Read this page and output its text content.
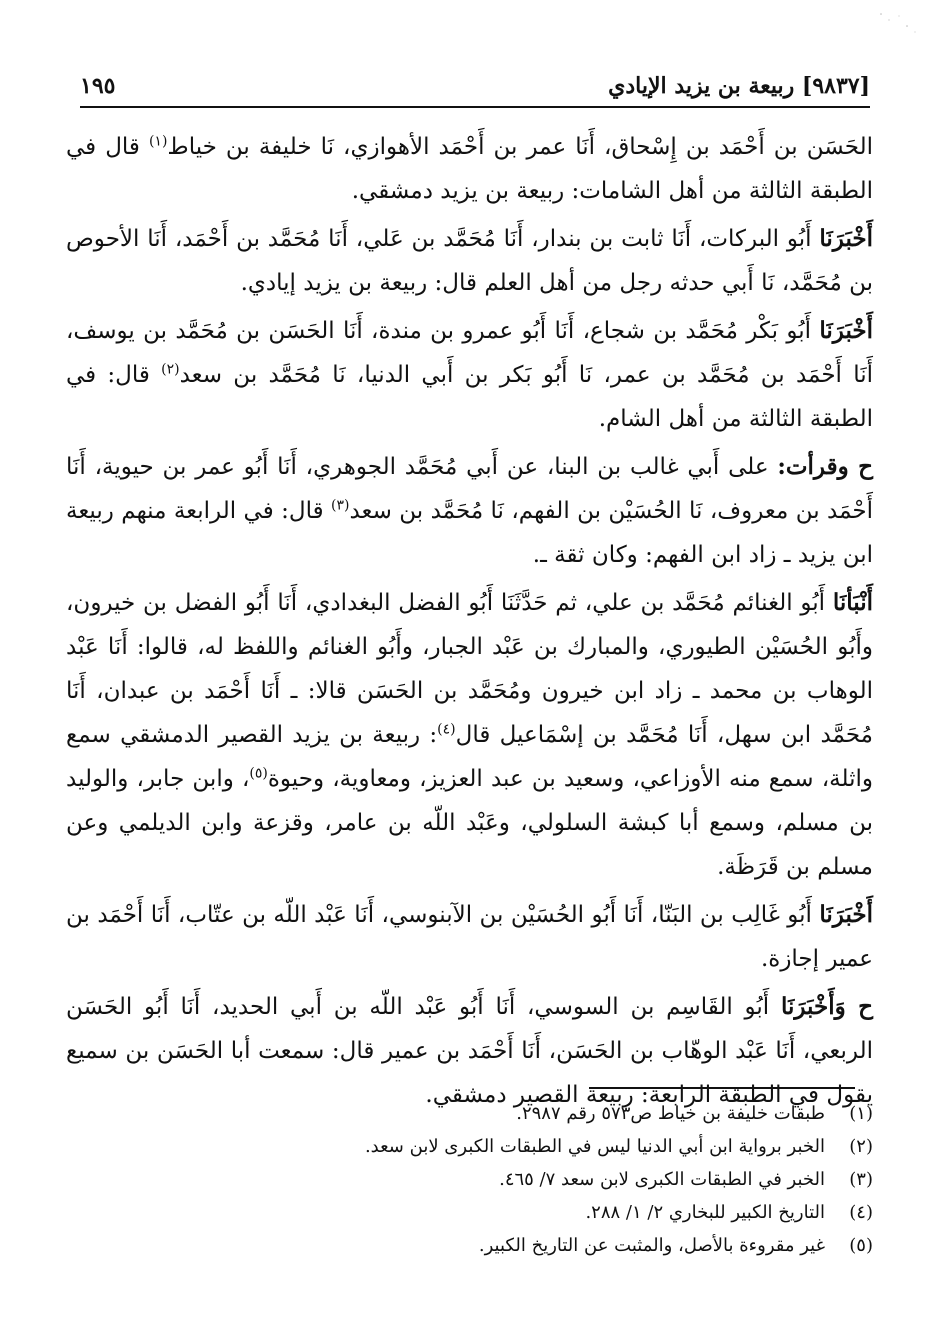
[٩٨٣٧] ربيعة بن يزيد الإيادي
١٩٥

الحَسَن بن أَحْمَد بن إِسْحاق، أَنَا عمر بن أَحْمَد الأهوازي، نَا خليفة بن خياط$^{(١)}$ قال في الطبقة الثالثة من أهل الشامات: ربيعة بن يزيد دمشقي.

أَخْبَرَنَا أَبُو البركات، أَنَا ثابت بن بندار، أَنَا مُحَمَّد بن عَلي، أَنَا مُحَمَّد بن أَحْمَد، أَنَا الأحوص بن مُحَمَّد، نَا أَبي حدثه رجل من أهل العلم قال: ربيعة بن يزيد إيادي.

أَخْبَرَنَا أَبُو بَكْر مُحَمَّد بن شجاع، أَنَا أَبُو عمرو بن مندة، أَنَا الحَسَن بن مُحَمَّد بن يوسف، أَنَا أَحْمَد بن مُحَمَّد بن عمر، نَا أَبُو بَكر بن أَبي الدنيا، نَا مُحَمَّد بن سعد$^{(٢)}$ قال: في الطبقة الثالثة من أهل الشام.

ح وقرأت: على أَبي غالب بن البنا، عن أَبي مُحَمَّد الجوهري، أَنَا أَبُو عمر بن حيوية، أَنَا أَحْمَد بن معروف، نَا الحُسَيْن بن الفهم، نَا مُحَمَّد بن سعد$^{(٣)}$ قال: في الرابعة منهم ربيعة ابن يزيد ـ زاد ابن الفهم: وكان ثقة ـ.

أَنْبَأنَا أَبُو الغنائم مُحَمَّد بن علي، ثم حَدَّثَنَا أَبُو الفضل البغدادي، أَنَا أَبُو الفضل بن خيرون، وأَبُو الحُسَيْن الطيوري، والمبارك بن عَبْد الجبار، وأَبُو الغنائم واللفظ له، قالوا: أَنَا عَبْد الوهاب بن محمد ـ زاد ابن خيرون ومُحَمَّد بن الحَسَن قالا: ـ أَنَا أَحْمَد بن عبدان، أَنَا مُحَمَّد ابن سهل، أَنَا مُحَمَّد بن إسْمَاعيل قال$^{(٤)}$: ربيعة بن يزيد القصير الدمشقي سمع واثلة، سمع منه الأوزاعي، وسعيد بن عبد العزيز، ومعاوية، وحيوة$^{(٥)}$، وابن جابر، والوليد بن مسلم، وسمع أبا كبشة السلولي، وعَبْد اللّه بن عامر، وقزعة وابن الديلمي وعن مسلم بن قَرَظَة.

أَخْبَرَنَا أَبُو غَالِب بن البَنّا، أَنَا أَبُو الحُسَيْن بن الآبنوسي، أَنَا عَبْد اللّه بن عتّاب، أَنَا أَحْمَد بن عمير إجازة.

ح وَأَخْبَرَنَا أَبُو القَاسِم بن السوسي، أَنَا أَبُو عَبْد اللّه بن أَبي الحديد، أَنَا أَبُو الحَسَن الربعي، أَنَا عَبْد الوهّاب بن الحَسَن، أَنَا أَحْمَد بن عمير قال: سمعت أبا الحَسَن بن سميع يقول في الطبقة الرابعة: ربيعة القصير دمشقي.

(١)
طبقات خليفة بن خياط ص٥٧٣ رقم ٢٩٨٧.
(٢)
الخبر برواية ابن أبي الدنيا ليس في الطبقات الكبرى لابن سعد.
(٣)
الخبر في الطبقات الكبرى لابن سعد ٧/ ٤٦٥.
(٤)
التاريخ الكبير للبخاري ٢/ ١/ ٢٨٨.
(٥)
غير مقروءة بالأصل، والمثبت عن التاريخ الكبير.
